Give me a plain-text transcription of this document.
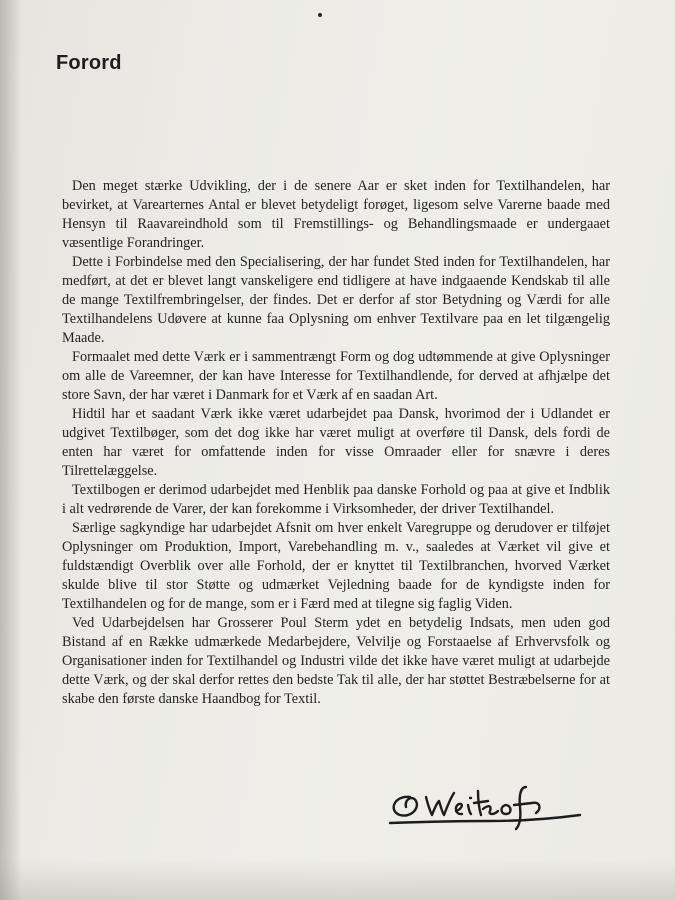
Forord

Den meget stærke Udvikling, der i de senere Aar er sket inden for Textilhandelen, har bevirket, at Varearternes Antal er blevet betydeligt forøget, ligesom selve Varerne baade med Hensyn til Raavareindhold som til Fremstillings- og Behandlingsmaade er undergaaet væsentlige Forandringer.

Dette i Forbindelse med den Specialisering, der har fundet Sted inden for Textilhandelen, har medført, at det er blevet langt vanskeligere end tidligere at have indgaaende Kendskab til alle de mange Textilfrembringelser, der findes. Det er derfor af stor Betydning og Værdi for alle Textilhandelens Udøvere at kunne faa Oplysning om enhver Textilvare paa en let tilgængelig Maade.

Formaalet med dette Værk er i sammentrængt Form og dog udtømmende at give Oplysninger om alle de Vareemner, der kan have Interesse for Textilhandlende, for derved at afhjælpe det store Savn, der har været i Danmark for et Værk af en saadan Art.

Hidtil har et saadant Værk ikke været udarbejdet paa Dansk, hvorimod der i Udlandet er udgivet Textilbøger, som det dog ikke har været muligt at overføre til Dansk, dels fordi de enten har været for omfattende inden for visse Omraader eller for snævre i deres Tilrettelæggelse.

Textilbogen er derimod udarbejdet med Henblik paa danske Forhold og paa at give et Indblik i alt vedrørende de Varer, der kan forekomme i Virksomheder, der driver Textilhandel.

Særlige sagkyndige har udarbejdet Afsnit om hver enkelt Varegruppe og derudover er tilføjet Oplysninger om Produktion, Import, Varebehandling m. v., saaledes at Værket vil give et fuldstændigt Overblik over alle Forhold, der er knyttet til Textilbranchen, hvorved Værket skulde blive til stor Støtte og udmærket Vejledning baade for de kyndigste inden for Textilhandelen og for de mange, som er i Færd med at tilegne sig faglig Viden.

Ved Udarbejdelsen har Grosserer Poul Sterm ydet en betydelig Indsats, men uden god Bistand af en Række udmærkede Medarbejdere, Velvilje og Forstaaelse af Erhvervsfolk og Organisationer inden for Textilhandel og Industri vilde det ikke have været muligt at udarbejde dette Værk, og der skal derfor rettes den bedste Tak til alle, der har støttet Bestræbelserne for at skabe den første danske Haandbog for Textil.
